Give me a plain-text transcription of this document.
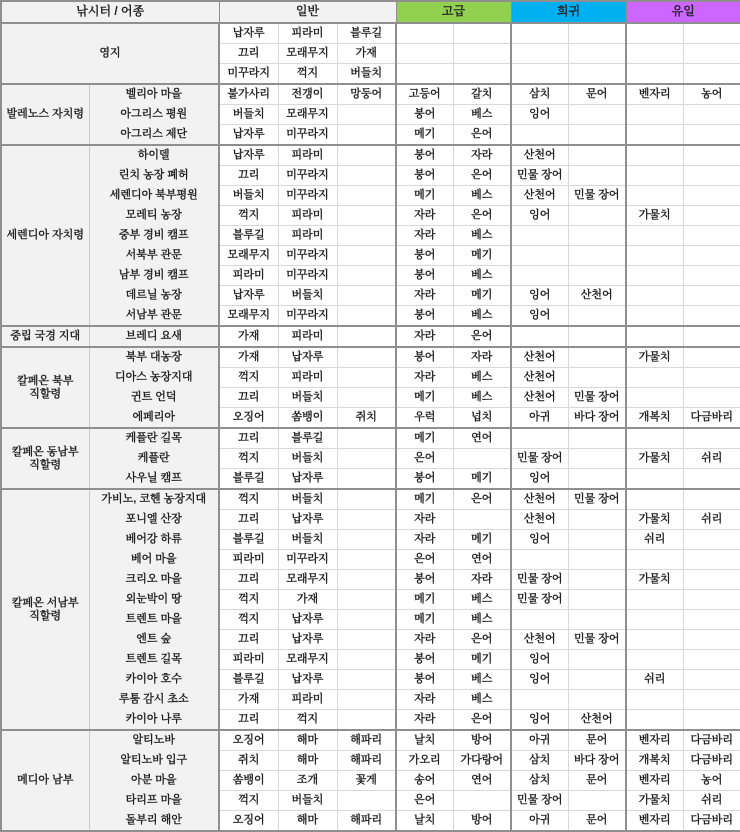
낚시터 / 어종		일반			고급		희귀		유일	
영지		납자루	피라미	블루길						
		끄리	모래무지	가재						
		미꾸라지	꺽지	버들치						
발레노스 자치령	벨리아 마을	불가사리	전갱이	망둥어	고등어	갈치	삼치	문어	벤자리	농어
	아그리스 평원	버들치	모래무지		붕어	베스	잉어			
	아그리스 제단	납자루	미꾸라지		메기	은어				
세렌디아 자치령	하이델	납자루	피라미		붕어	자라	산천어			
	린치 농장 폐허	끄리	미꾸라지		붕어	은어	민물 장어			
	세렌디아 북부평원	버들치	미꾸라지		메기	베스	산천어	민물 장어		
	모레티 농장	꺽지	피라미		자라	은어	잉어		가물치	
	중부 경비 캠프	블루길	피라미		자라	베스				
	서북부 관문	모래무지	미꾸라지		붕어	메기				
	남부 경비 캠프	피라미	미꾸라지		붕어	베스				
	데르닐 농장	납자루	버들치		자라	메기	잉어	산천어		
	서남부 관문	모래무지	미꾸라지		붕어	베스	잉어			
중립 국경 지대	브레디 요새	가재	피라미		자라	은어				
칼페온 북부 직할령	북부 대농장	가재	납자루		붕어	자라	산천어		가물치	
	디아스 농장지대	꺽지	피라미		자라	베스	산천어			
	귄트 언덕	끄리	버들치		메기	베스	산천어	민물 장어		
	에페리아	오징어	쏨뱅이	쥐치	우럭	넙치	아귀	바다 장어	개복치	다금바리
칼페온 동남부 직할령	케플란 길목	끄리	블루길		메기	연어				
	케플란	꺽지	버들치		은어		민물 장어		가물치	쉬리
	사우닐 캠프	블루길	납자루		붕어	메기	잉어			
칼페온 서남부 직할령	가비노, 코헨 농장지대	꺽지	버들치		메기	은어	산천어	민물 장어		
	포니엘 산장	끄리	납자루		자라		산천어		가물치	쉬리
	베어강 하류	블루길	버들치		자라	메기	잉어		쉬리	
	베어 마을	피라미	미꾸라지		은어	연어				
	크리오 마을	끄리	모래무지		붕어	자라	민물 장어		가물치	
	외눈박이 땅	꺽지	가재		메기	베스	민물 장어			
	트렌트 마을	꺽지	납자루		메기	베스				
	엔트 숲	끄리	납자루		자라	은어	산천어	민물 장어		
	트렌트 길목	피라미	모래무지		붕어	메기	잉어			
	카이아 호수	블루길	납자루		붕어	베스	잉어		쉬리	
	루툼 감시 초소	가재	피라미		자라	베스				
	카이아 나루	끄리	꺽지		자라	은어	잉어	산천어		
메디아 남부	알티노바	오징어	해마	해파리	날치	방어	아귀	문어	벤자리	다금바리
	알티노바 입구	쥐치	해마	해파리	가오리	가다랑어	삼치	바다 장어	개복치	다금바리
	아분 마을	쏨뱅이	조개	꽃게	송어	연어	삼치	문어	벤자리	농어
	타리프 마을	꺽지	버들치		은어		민물 장어		가물치	쉬리
	돌부리 해안	오징어	해마	해파리	날치	방어	아귀	문어	벤자리	다금바리
